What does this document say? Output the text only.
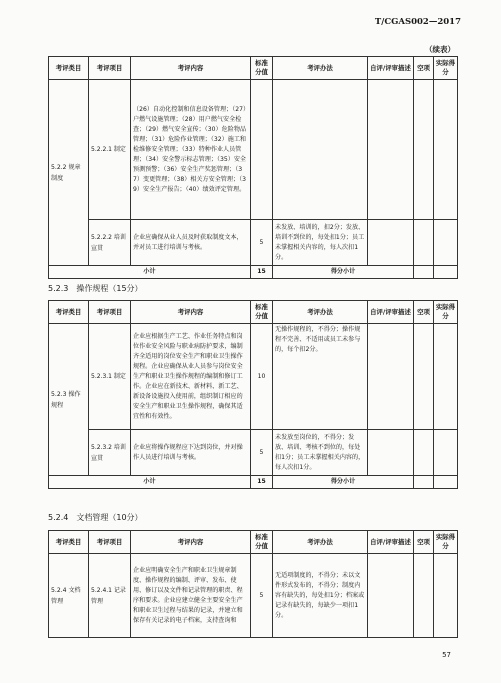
T/CGAS002—2017
（续表）
考评类目	考评项目	考评内容	标准分值	考评办法	自评/评审描述	空项	实际得分
5.2.2 规章制度	5.2.2.1 制定	（26）自动化控制和信息设备管理；（27）户燃气设施管理；（28）用户燃气安全检查；（29）燃气安全宣传；（30）危险物品管理；（31）危险作业管理；（32）施工和检维修安全管理；（33）特种作业人员管理；（34）安全警示标志管理；（35）安全预测预警；（36）安全生产奖惩管理；（37）变更管理；（38）相关方安全管理；（39）安全生产报告；（40）绩效评定管理。					
	5.2.2.2 培训宣贯	企业应确保从业人员及时获取制度文本，并对员工进行培训与考核。	5	未发放、培训的，扣2分；发放、培训不到位的，每处扣1分；员工未掌握相关内容的，每人次扣1分。			
小计			15	得分小计			
5.2.3　操作规程（15分）
考评类目	考评项目	考评内容	标准分值	考评办法	自评/评审描述	空项	实际得分
5.2.3 操作规程	5.2.3.1 制定	企业应根据生产工艺、作业任务特点和岗位作业安全风险与职业病防护要求，编制齐全适用的岗位安全生产和职业卫生操作规程。企业应确保从业人员参与岗位安全生产和职业卫生操作规程的编制和修订工作。企业应在新技术、新材料、新工艺、新设备设施投入使用前，组织制订相应的安全生产和职业卫生操作规程，确保其适宜性和有效性。	10	无操作规程的，不得分；操作规程不完善、不适用或员工未参与的，每个扣2分。			
	5.2.3.2 培训宣贯	企业应将操作规程应下达到岗位，并对操作人员进行培训与考核。	5	未发放至岗位的，不得分；发放、培训、考核不到位的，每处扣1分；员工未掌握相关内容的，每人次扣1分。			
小计			15	得分小计			
5.2.4　文档管理（10分）
考评类目	考评项目	考评内容	标准分值	考评办法	自评/评审描述	空项	实际得分
5.2.4 文档管理	5.2.4.1 记录管理	企业应明确安全生产和职业卫生规章制度、操作规程的编制、评审、发布、使用、修订以及文件和记录管理的职责、程序和要求。企业应建立健全主要安全生产和职业卫生过程与结果的记录，并建立和保存有关记录的电子档案，支持查询和	5	无适项制度的，不得分；未以文件形式发布的，不得分；制度内容有缺失的，每处扣1分；档案或记录有缺失的，每缺少一项扣1分。			
57
